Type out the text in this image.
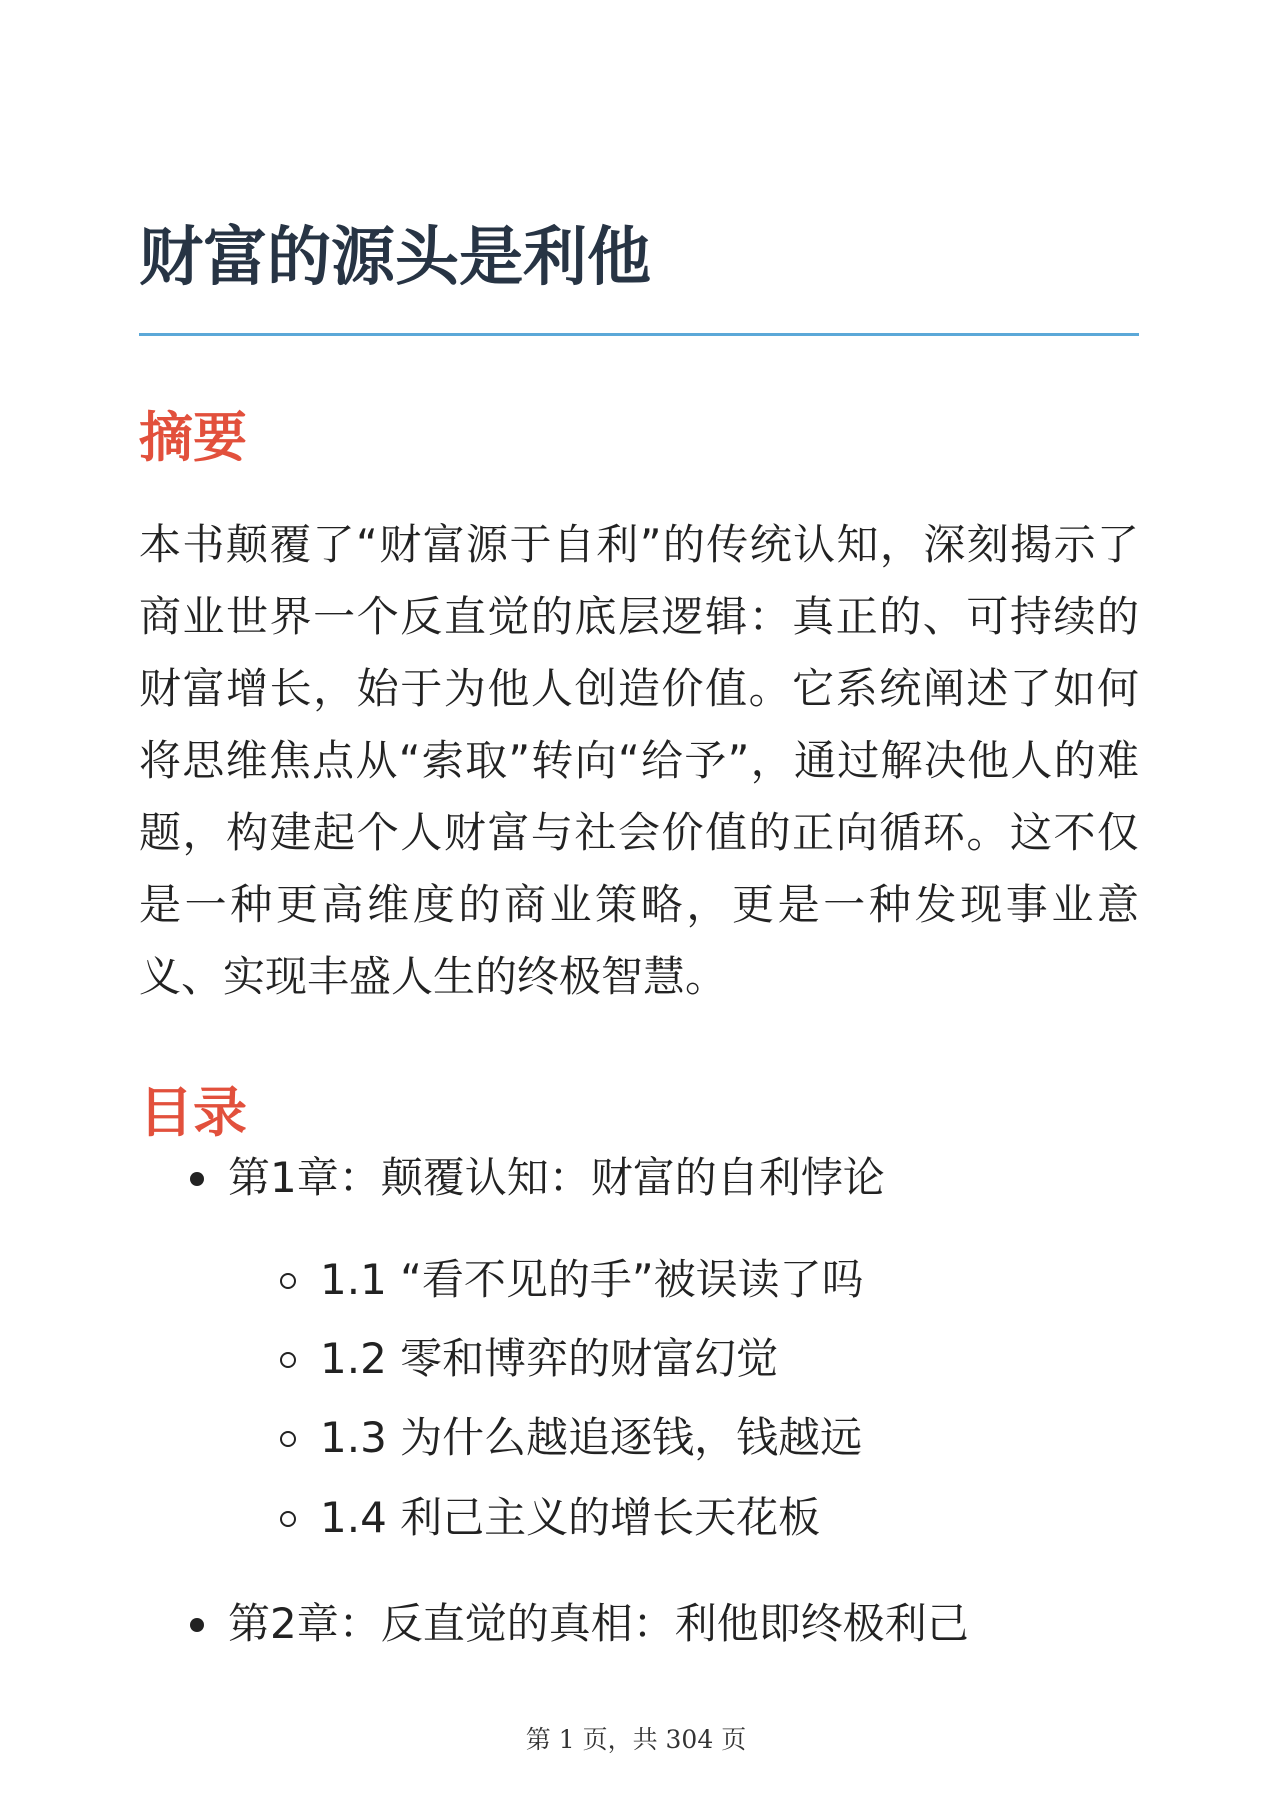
财富的源头是利他
摘要

本书颠覆了“财富源于自利”的传统认知，深刻揭示了商业世界一个反直觉的底层逻辑：真正的、可持续的财富增长，始于为他人创造价值。它系统阐述了如何将思维焦点从“索取”转向“给予”，通过解决他人的难题，构建起个人财富与社会价值的正向循环。这不仅是一种更高维度的商业策略，更是一种发现事业意义、实现丰盛人生的终极智慧。

目录
第1章：颠覆认知：财富的自利悖论
1.1 “看不见的手”被误读了吗
1.2 零和博弈的财富幻觉
1.3 为什么越追逐钱，钱越远
1.4 利己主义的增长天花板
第2章：反直觉的真相：利他即终极利己
第 1 页，共 304 页
